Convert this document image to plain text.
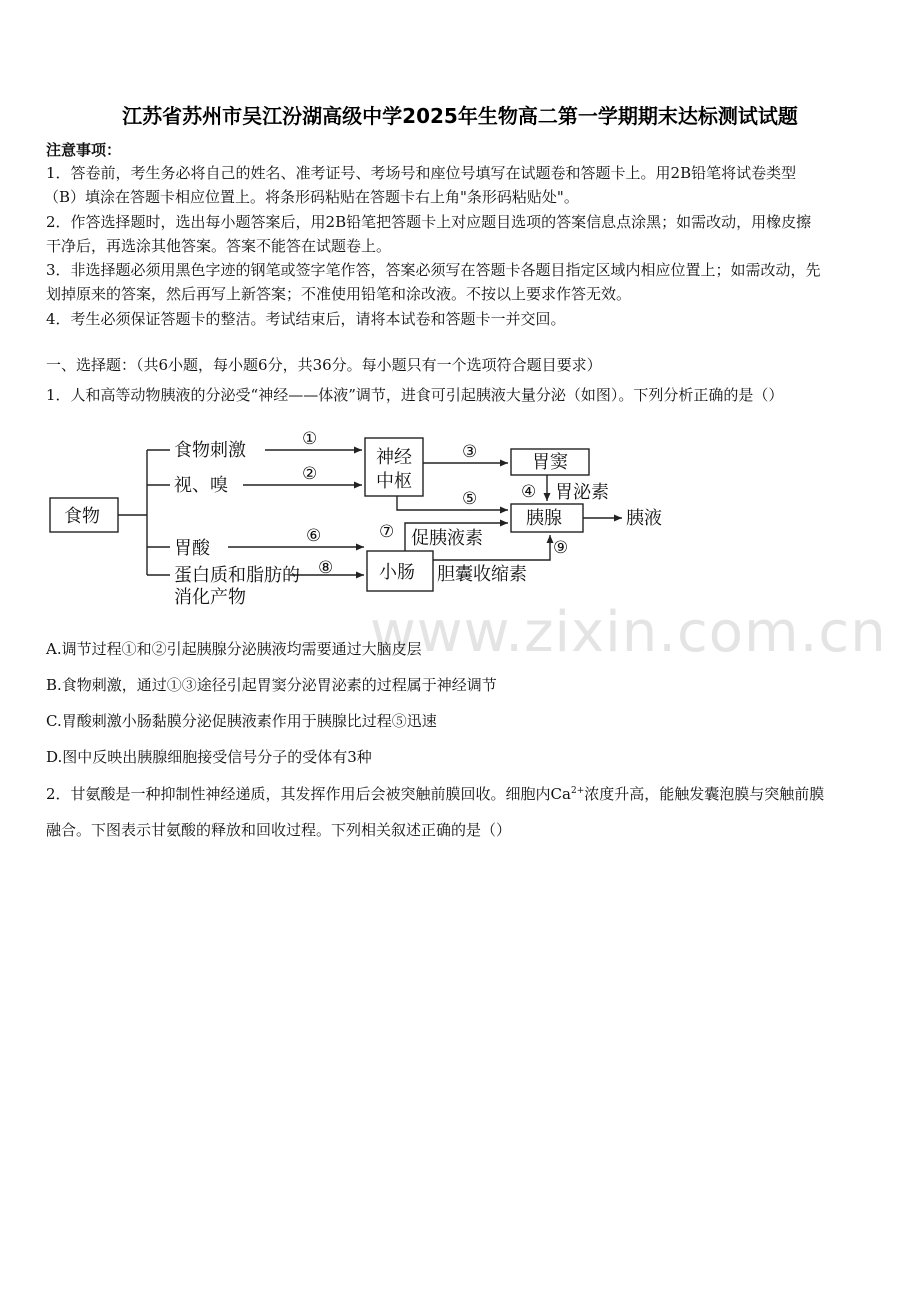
江苏省苏州市吴江汾湖高级中学2025年生物高二第一学期期末达标测试试题
注意事项：
1．答卷前，考生务必将自己的姓名、准考证号、考场号和座位号填写在试题卷和答题卡上。用2B铅笔将试卷类型
（B）填涂在答题卡相应位置上。将条形码粘贴在答题卡右上角"条形码粘贴处"。
2．作答选择题时，选出每小题答案后，用2B铅笔把答题卡上对应题目选项的答案信息点涂黑；如需改动，用橡皮擦
干净后，再选涂其他答案。答案不能答在试题卷上。
3．非选择题必须用黑色字迹的钢笔或签字笔作答，答案必须写在答题卡各题目指定区域内相应位置上；如需改动，先
划掉原来的答案，然后再写上新答案；不准使用铅笔和涂改液。不按以上要求作答无效。
4．考生必须保证答题卡的整洁。考试结束后，请将本试卷和答题卡一并交回。
一、选择题：（共6小题，每小题6分，共36分。每小题只有一个选项符合题目要求）
1．人和高等动物胰液的分泌受“神经——体液”调节，进食可引起胰液大量分泌（如图）。下列分析正确的是（）
食物
食物刺激
视、嗅
胃酸
蛋白质和脂肪的
消化产物
神经
中枢
胃窦
胰腺	胰液
小肠
胃泌素
促胰液素
胆囊收缩素
①
②
③
④
⑤
⑥	⑦
⑧
⑨
www.zixin.com.cn
A.调节过程①和②引起胰腺分泌胰液均需要通过大脑皮层
B.食物刺激，通过①③途径引起胃窦分泌胃泌素的过程属于神经调节
C.胃酸刺激小肠黏膜分泌促胰液素作用于胰腺比过程⑤迅速
D.图中反映出胰腺细胞接受信号分子的受体有3种
2．甘氨酸是一种抑制性神经递质，其发挥作用后会被突触前膜回收。细胞内$Ca^{2+}$浓度升高，能触发囊泡膜与突触前膜
融合。下图表示甘氨酸的释放和回收过程。下列相关叙述正确的是（）
